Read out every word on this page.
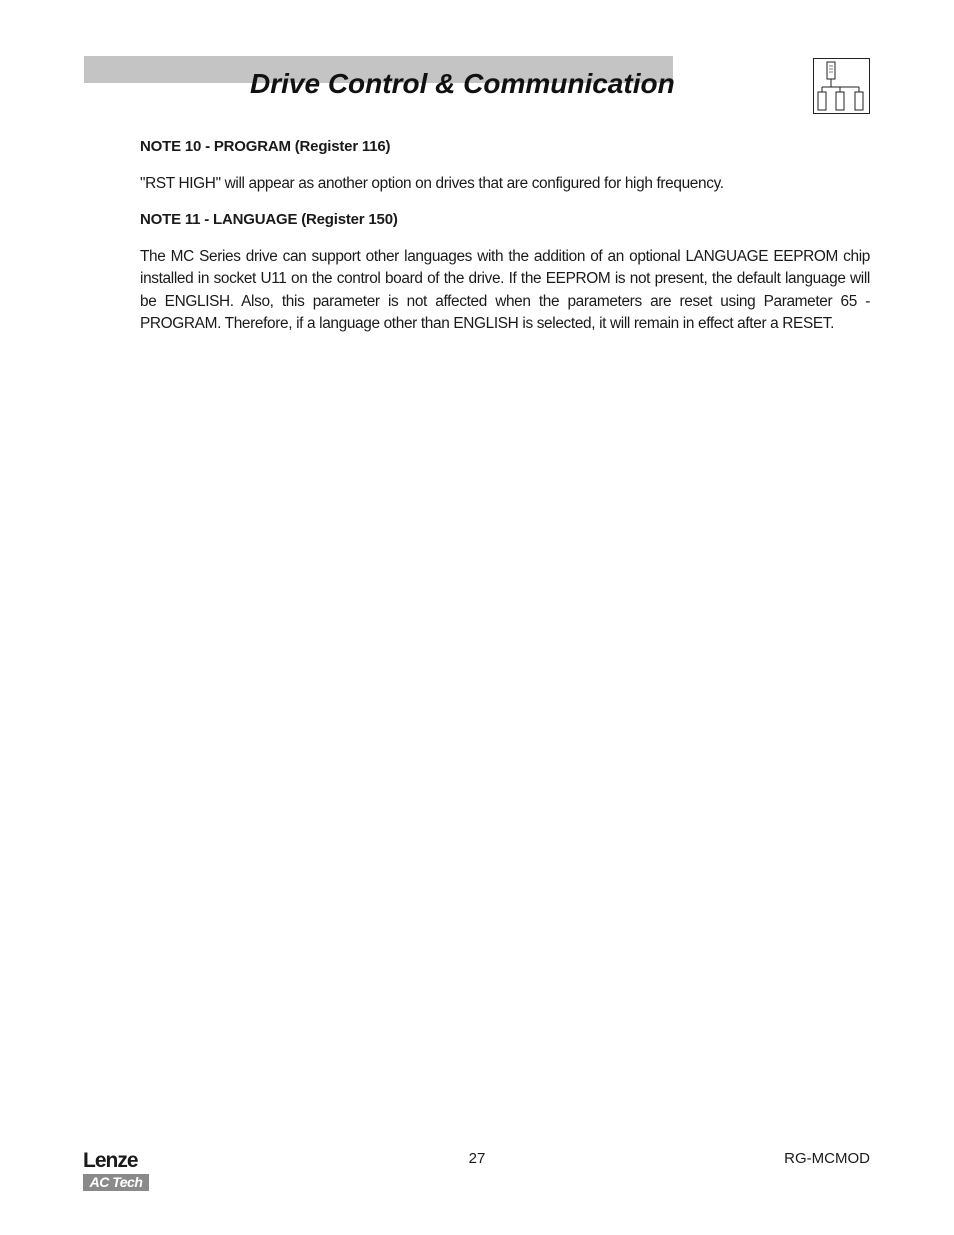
Drive Control & Communication

NOTE 10 - PROGRAM (Register 116)

"RST HIGH" will appear as another option on drives that are configured for high frequency.

NOTE 11 - LANGUAGE (Register 150)

The MC Series drive can support other languages with the addition of an optional LANGUAGE EEPROM chip installed in socket U11 on the control board of the drive. If the EEPROM is not present, the default language will be ENGLISH. Also, this parameter is not affected when the parameters are reset using Parameter 65 - PROGRAM. Therefore, if a language other than ENGLISH is selected, it will remain in effect after a RESET.

Lenze
AC Tech
27	RG-MCMOD
